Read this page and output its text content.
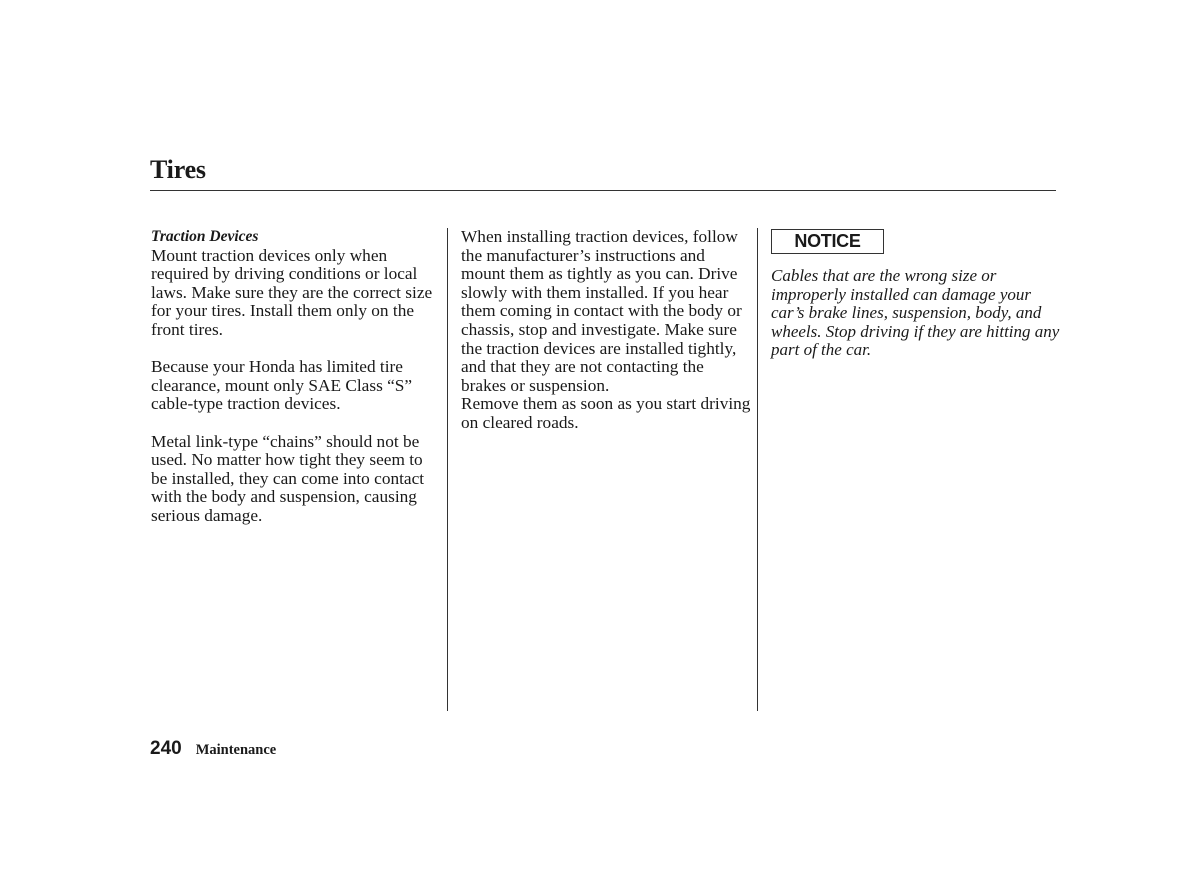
Tires
Traction Devices

Mount traction devices only when required by driving conditions or local laws. Make sure they are the correct size for your tires. Install them only on the front tires.

Because your Honda has limited tire clearance, mount only SAE Class “S” cable-type traction devices.

Metal link-type “chains” should not be used. No matter how tight they seem to be installed, they can come into contact with the body and suspension, causing serious damage.

When installing traction devices, follow the manufacturer’s instructions and mount them as tightly as you can. Drive slowly with them installed. If you hear them coming in contact with the body or chassis, stop and investigate. Make sure the traction devices are installed tightly, and that they are not contacting the brakes or suspension.

Remove them as soon as you start driving on cleared roads.

NOTICE

Cables that are the wrong size or improperly installed can damage your car’s brake lines, suspension, body, and wheels. Stop driving if they are hitting any part of the car.

240 Maintenance
